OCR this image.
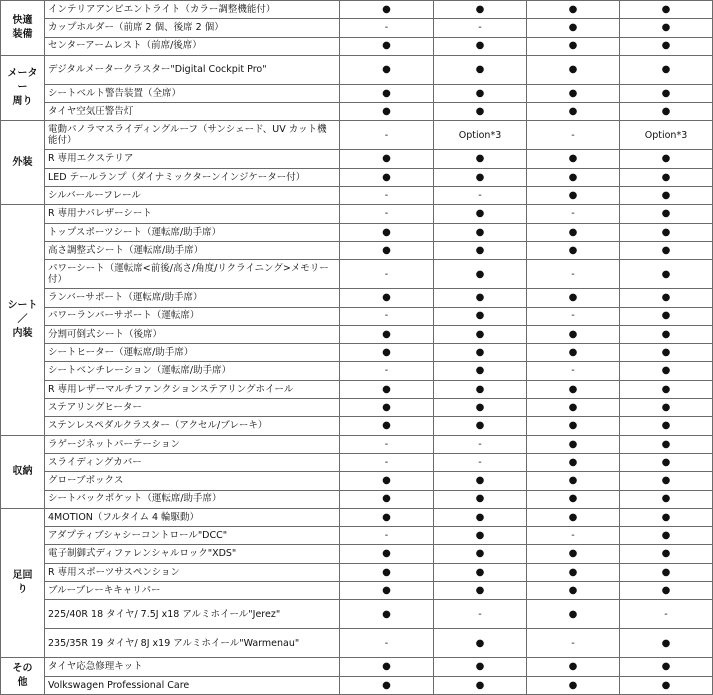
快適
装備	インテリアアンビエントライト（カラー調整機能付）	●	●	●	●
	カップホルダー（前席 2 個、後席 2 個）	-	-	●	●
	センターアームレスト（前席/後席）	●	●	●	●
メータ
ー
周り	デジタルメータークラスター"Digital Cockpit Pro"	●	●	●	●
	シートベルト警告装置（全席）	●	●	●	●
	タイヤ空気圧警告灯	●	●	●	●
外装	電動パノラマスライディングルーフ（サンシェード、UV カット機能付）	-	Option*3	-	Option*3
	R 専用エクステリア	●	●	●	●
	LED テールランプ（ダイナミックターンインジケーター付）	●	●	●	●
	シルバールーフレール	-	-	●	●
シート
／
内装	R 専用ナパレザーシート	-	●	-	●
	トップスポーツシート（運転席/助手席）	●	●	●	●
	高さ調整式シート（運転席/助手席）	●	●	●	●
	パワーシート（運転席<前後/高さ/角度/リクライニング>メモリー付）	-	●	-	●
	ランバーサポート（運転席/助手席）	●	●	●	●
	パワーランバーサポート（運転席）	-	●	-	●
	分割可倒式シート（後席）	●	●	●	●
	シートヒーター（運転席/助手席）	●	●	●	●
	シートベンチレーション（運転席/助手席）	-	●	-	●
	R 専用レザーマルチファンクションステアリングホイール	●	●	●	●
	ステアリングヒーター	●	●	●	●
	ステンレスペダルクラスター（アクセル/ブレーキ）	●	●	●	●
収納	ラゲージネットパーテーション	-	-	●	●
	スライディングカバー	-	-	●	●
	グローブボックス	●	●	●	●
	シートバックポケット（運転席/助手席）	●	●	●	●
足回
り	4MOTION（フルタイム 4 輪駆動）	●	●	●	●
	アダプティブシャシーコントロール"DCC"	-	●	-	●
	電子制御式ディファレンシャルロック"XDS"	●	●	●	●
	R 専用スポーツサスペンション	●	●	●	●
	ブルーブレーキキャリパー	●	●	●	●
	225/40R 18 タイヤ/ 7.5J x18 アルミホイール"Jerez"	●	-	●	-
	235/35R 19 タイヤ/ 8J x19 アルミホイール"Warmenau"	-	●	-	●
その
他	タイヤ応急修理キット	●	●	●	●
	Volkswagen Professional Care	●	●	●	●
